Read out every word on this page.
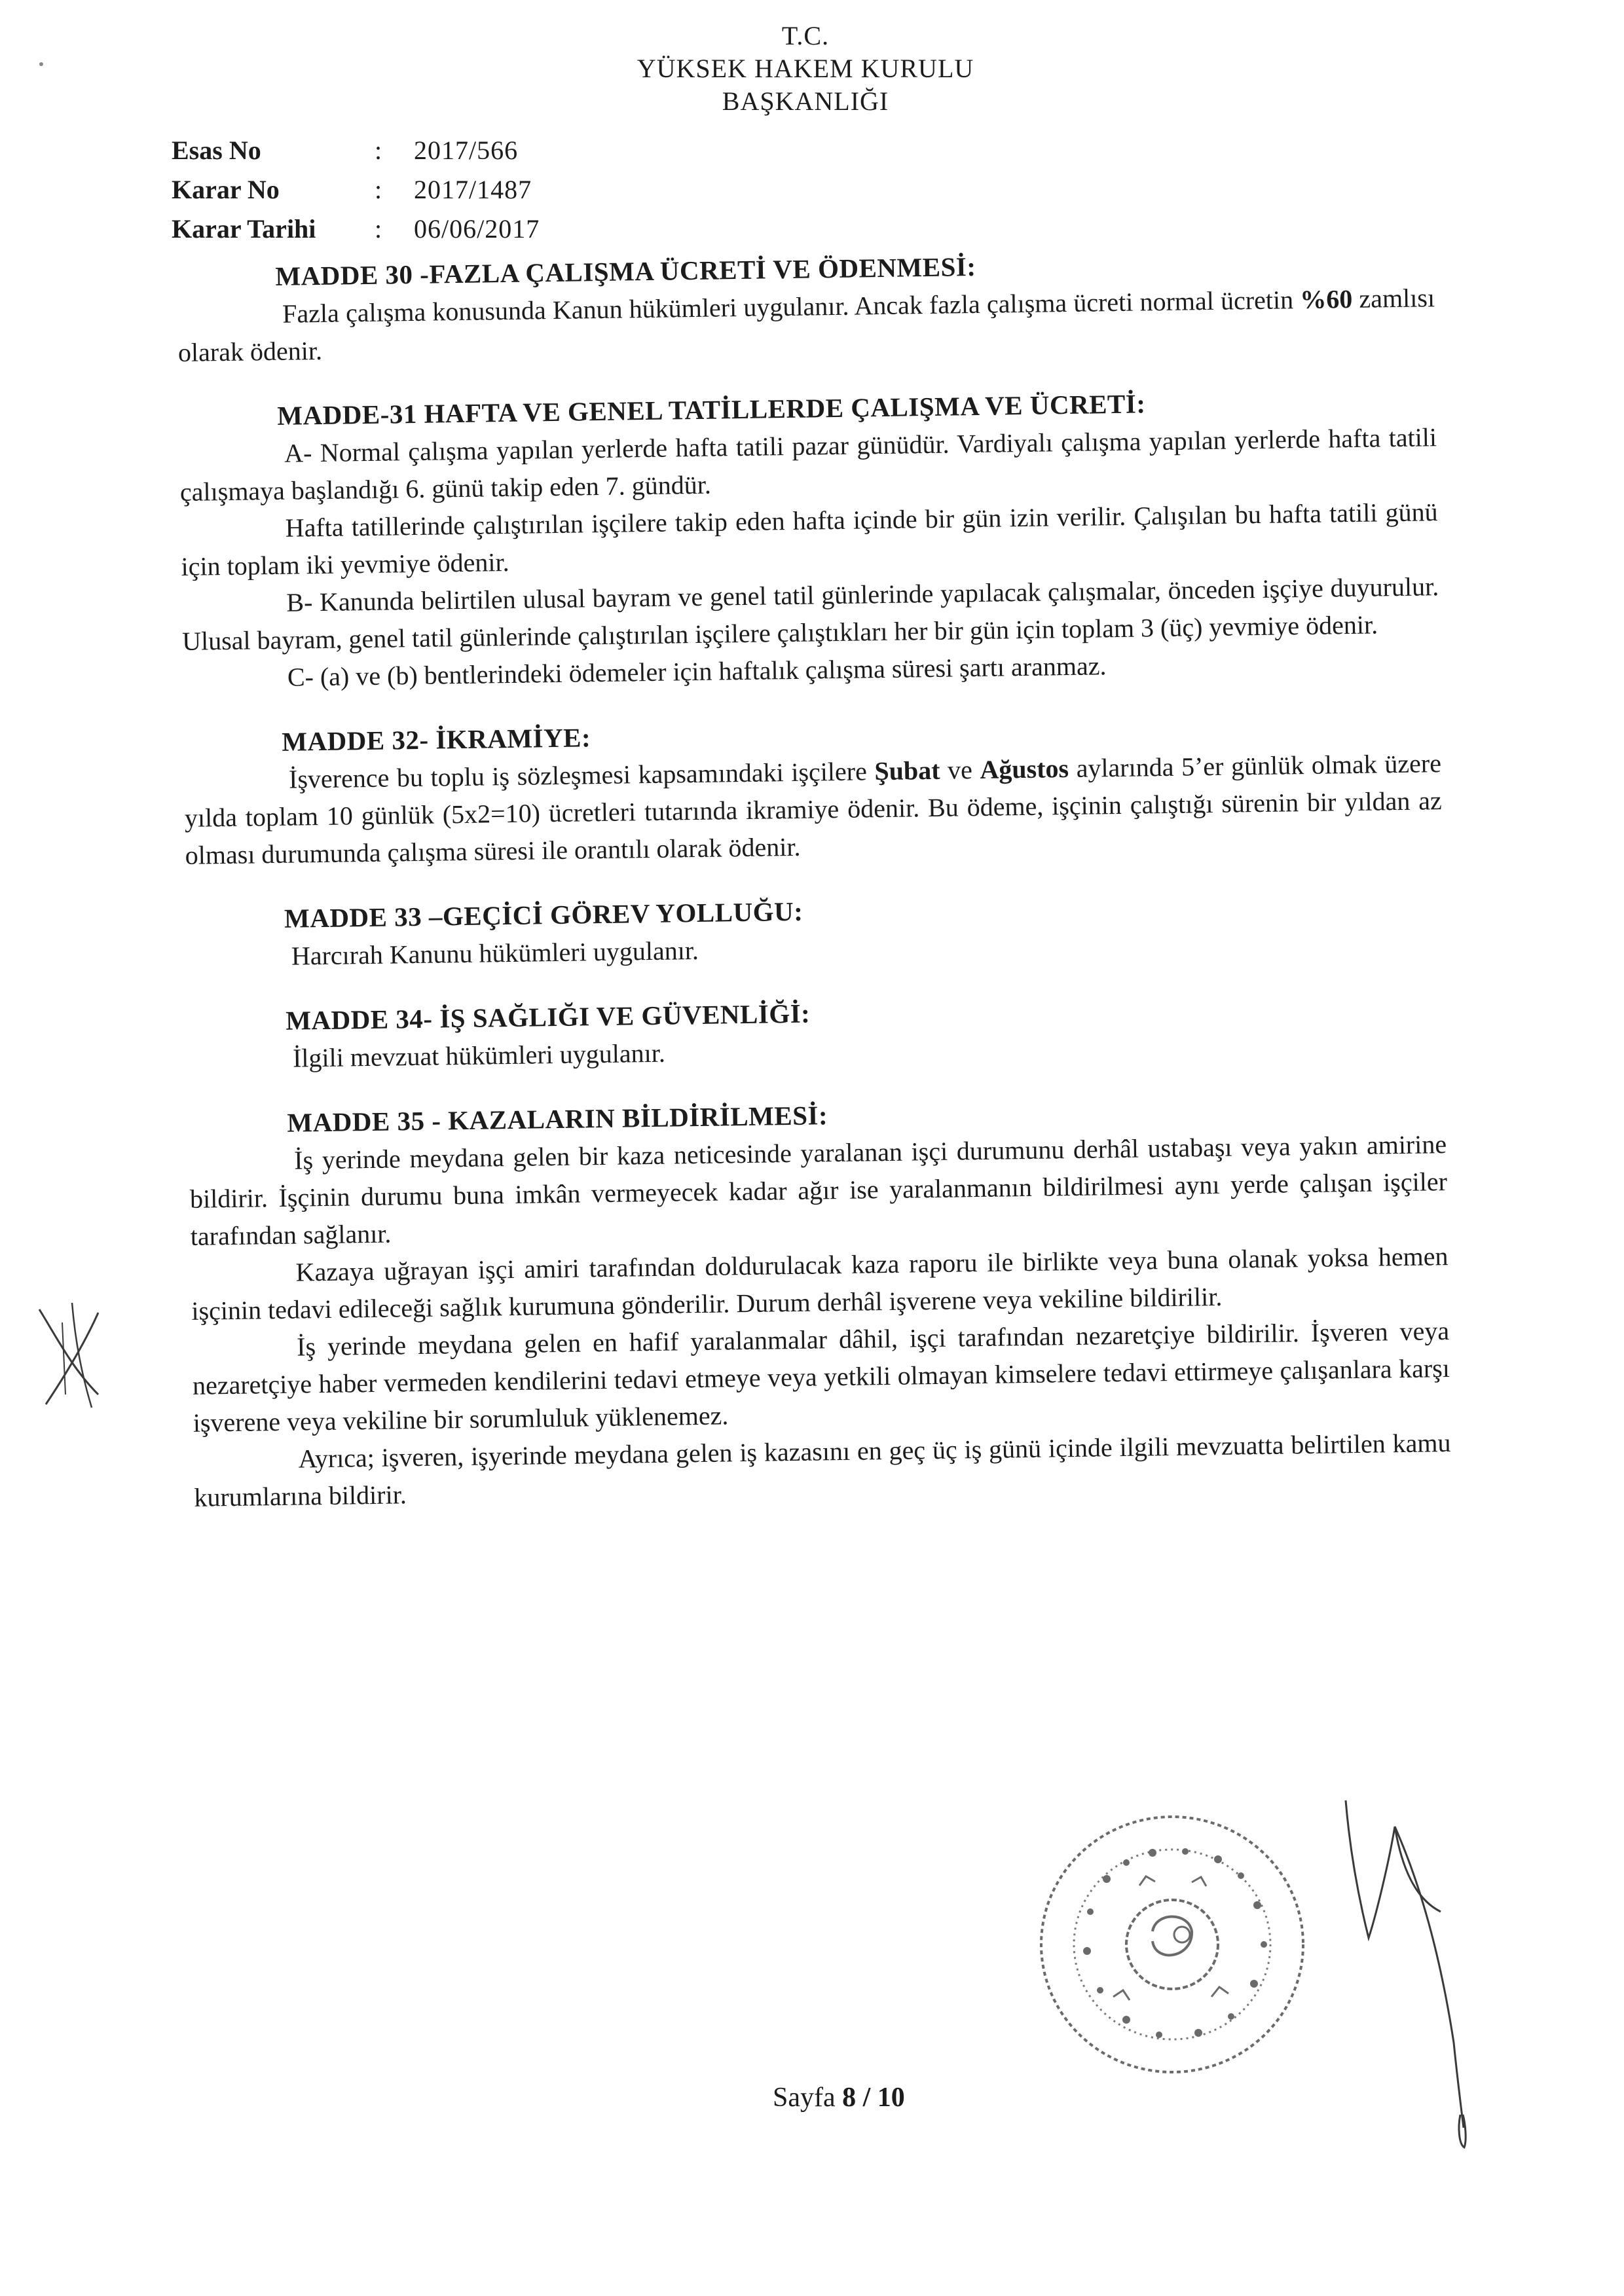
T.C.
YÜKSEK HAKEM KURULU
BAŞKANLIĞI
Esas No	:	2017/566
Karar No	:	2017/1487
Karar Tarihi	:	06/06/2017
MADDE 30 -FAZLA ÇALIŞMA ÜCRETİ VE ÖDENMESİ:

Fazla çalışma konusunda Kanun hükümleri uygulanır. Ancak fazla çalışma ücreti normal ücretin %60 zamlısı olarak ödenir.

MADDE-31 HAFTA VE GENEL TATİLLERDE ÇALIŞMA VE ÜCRETİ:

A- Normal çalışma yapılan yerlerde hafta tatili pazar günüdür. Vardiyalı çalışma yapılan yerlerde hafta tatili çalışmaya başlandığı 6. günü takip eden 7. gündür.

Hafta tatillerinde çalıştırılan işçilere takip eden hafta içinde bir gün izin verilir. Çalışılan bu hafta tatili günü için toplam iki yevmiye ödenir.

B- Kanunda belirtilen ulusal bayram ve genel tatil günlerinde yapılacak çalışmalar, önceden işçiye duyurulur. Ulusal bayram, genel tatil günlerinde çalıştırılan işçilere çalıştıkları her bir gün için toplam 3 (üç) yevmiye ödenir.

C- (a) ve (b) bentlerindeki ödemeler için haftalık çalışma süresi şartı aranmaz.

MADDE 32- İKRAMİYE:

İşverence bu toplu iş sözleşmesi kapsamındaki işçilere Şubat ve Ağustos aylarında 5’er günlük olmak üzere yılda toplam 10 günlük (5x2=10) ücretleri tutarında ikramiye ödenir. Bu ödeme, işçinin çalıştığı sürenin bir yıldan az olması durumunda çalışma süresi ile orantılı olarak ödenir.

MADDE 33 –GEÇİCİ GÖREV YOLLUĞU:

Harcırah Kanunu hükümleri uygulanır.

MADDE 34- İŞ SAĞLIĞI VE GÜVENLİĞİ:

İlgili mevzuat hükümleri uygulanır.

MADDE 35 - KAZALARIN BİLDİRİLMESİ:

İş yerinde meydana gelen bir kaza neticesinde yaralanan işçi durumunu derhâl ustabaşı veya yakın amirine bildirir. İşçinin durumu buna imkân vermeyecek kadar ağır ise yaralanmanın bildirilmesi aynı yerde çalışan işçiler tarafından sağlanır.

Kazaya uğrayan işçi amiri tarafından doldurulacak kaza raporu ile birlikte veya buna olanak yoksa hemen işçinin tedavi edileceği sağlık kurumuna gönderilir. Durum derhâl işverene veya vekiline bildirilir.

İş yerinde meydana gelen en hafif yaralanmalar dâhil, işçi tarafından nezaretçiye bildirilir. İşveren veya nezaretçiye haber vermeden kendilerini tedavi etmeye veya yetkili olmayan kimselere tedavi ettirmeye çalışanlara karşı işverene veya vekiline bir sorumluluk yüklenemez.

Ayrıca; işveren, işyerinde meydana gelen iş kazasını en geç üç iş günü içinde ilgili mevzuatta belirtilen kamu kurumlarına bildirir.

Sayfa 8 / 10
